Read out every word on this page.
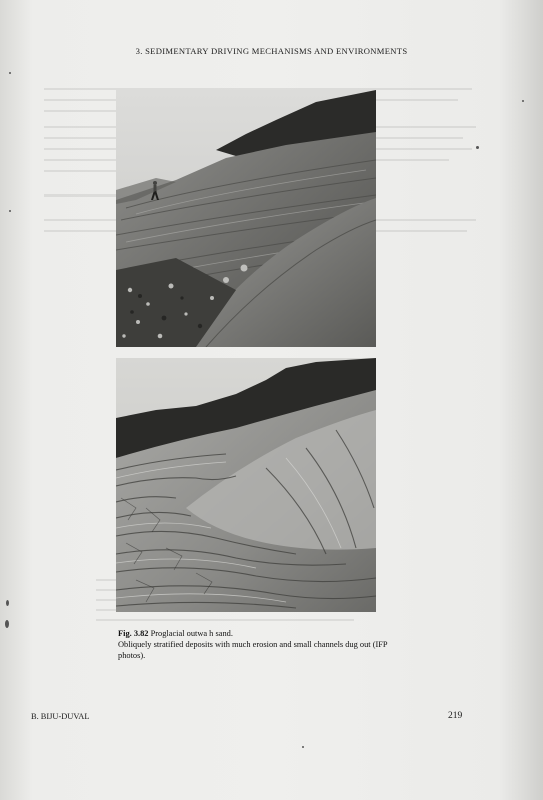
3. SEDIMENTARY DRIVING MECHANISMS AND ENVIRONMENTS
Fig. 3.82 Proglacial outwa h sand.
Obliquely stratified deposits with much erosion and small channels dug out (IFP photos).
B. BIJU-DUVAL	219
